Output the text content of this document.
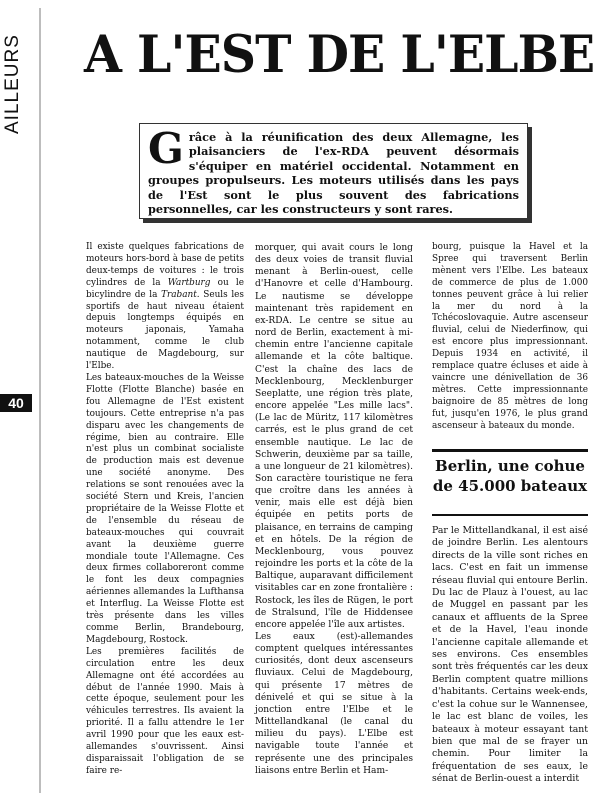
AILLEURS
40
A L'EST DE L'ELBE
G râce à la réunification des deux Allemagne, les plaisanciers de l'ex-RDA peuvent désormais s'équiper en matériel occidental. Notamment en groupes propulseurs. Les moteurs utilisés dans les pays de l'Est sont le plus souvent des fabrications personnelles, car les constructeurs y sont rares.

Il existe quelques fabrications de moteurs hors-bord à base de petits deux-temps de voitures : le trois cylindres de la Wartburg ou le bicylindre de la Trabant. Seuls les sportifs de haut niveau étaient depuis longtemps équipés en moteurs japonais, Yamaha notamment, comme le club nautique de Magdebourg, sur l'Elbe.

Les bateaux-mouches de la Weisse Flotte (Flotte Blanche) basée en fou Allemagne de l'Est existent toujours. Cette entreprise n'a pas disparu avec les changements de régime, bien au contraire. Elle n'est plus un combinat socialiste de production mais est devenue une société anonyme. Des relations se sont renouées avec la société Stern und Kreis, l'ancien propriétaire de la Weisse Flotte et de l'ensemble du réseau de bateaux-mouches qui couvrait avant la deuxième guerre mondiale toute l'Allemagne. Ces deux firmes collaboreront comme le font les deux compagnies aériennes allemandes la Lufthansa et Interflug. La Weisse Flotte est très présente dans les villes comme Berlin, Brandebourg, Magdebourg, Rostock.

Les premières facilités de circulation entre les deux Allemagne ont été accordées au début de l'année 1990. Mais à cette époque, seulement pour les véhicules terrestres. Ils avaient la priorité. Il a fallu attendre le 1er avril 1990 pour que les eaux est-allemandes s'ouvrissent. Ainsi disparaissait l'obligation de se faire re-

morquer, qui avait cours le long des deux voies de transit fluvial menant à Berlin-ouest, celle d'Hanovre et celle d'Hambourg. Le nautisme se développe maintenant très rapidement en ex-RDA. Le centre se situe au nord de Berlin, exactement à mi-chemin entre l'ancienne capitale allemande et la côte baltique. C'est la chaîne des lacs de Mecklenbourg, Mecklenburger Seeplatte, une région très plate, encore appelée "Les mille lacs". (Le lac de Müritz, 117 kilomètres carrés, est le plus grand de cet ensemble nautique. Le lac de Schwerin, deuxième par sa taille, a une longueur de 21 kilomètres). Son caractère touristique ne fera que croître dans les années à venir, mais elle est déjà bien équipée en petits ports de plaisance, en terrains de camping et en hôtels. De la région de Mecklenbourg, vous pouvez rejoindre les ports et la côte de la Baltique, auparavant difficilement visitables car en zone frontalière : Rostock, les îles de Rügen, le port de Stralsund, l'île de Hiddensee encore appelée l'île aux artistes.

Les eaux (est)-allemandes comptent quelques intéressantes curiosités, dont deux ascenseurs fluviaux. Celui de Magdebourg, qui présente 17 mètres de dénivelé et qui se situe à la jonction entre l'Elbe et le Mittellandkanal (le canal du milieu du pays). L'Elbe est navigable toute l'année et représente une des principales liaisons entre Berlin et Ham-

bourg, puisque la Havel et la Spree qui traversent Berlin mènent vers l'Elbe. Les bateaux de commerce de plus de 1.000 tonnes peuvent grâce à lui relier la mer du nord à la Tchécoslovaquie. Autre ascenseur fluvial, celui de Niederfinow, qui est encore plus impressionnant. Depuis 1934 en activité, il remplace quatre écluses et aide à vaincre une dénivellation de 36 mètres. Cette impressionnante baignoire de 85 mètres de long fut, jusqu'en 1976, le plus grand ascenseur à bateaux du monde.

Berlin, une cohue de 45.000 bateaux

Par le Mittellandkanal, il est aisé de joindre Berlin. Les alentours directs de la ville sont riches en lacs. C'est en fait un immense réseau fluvial qui entoure Berlin. Du lac de Plauz à l'ouest, au lac de Muggel en passant par les canaux et affluents de la Spree et de la Havel, l'eau inonde l'ancienne capitale allemande et ses environs. Ces ensembles sont très fréquentés car les deux Berlin comptent quatre millions d'habitants. Certains week-ends, c'est la cohue sur le Wannensee, le lac est blanc de voiles, les bateaux à moteur essayant tant bien que mal de se frayer un chemin. Pour limiter la fréquentation de ses eaux, le sénat de Berlin-ouest a interdit
